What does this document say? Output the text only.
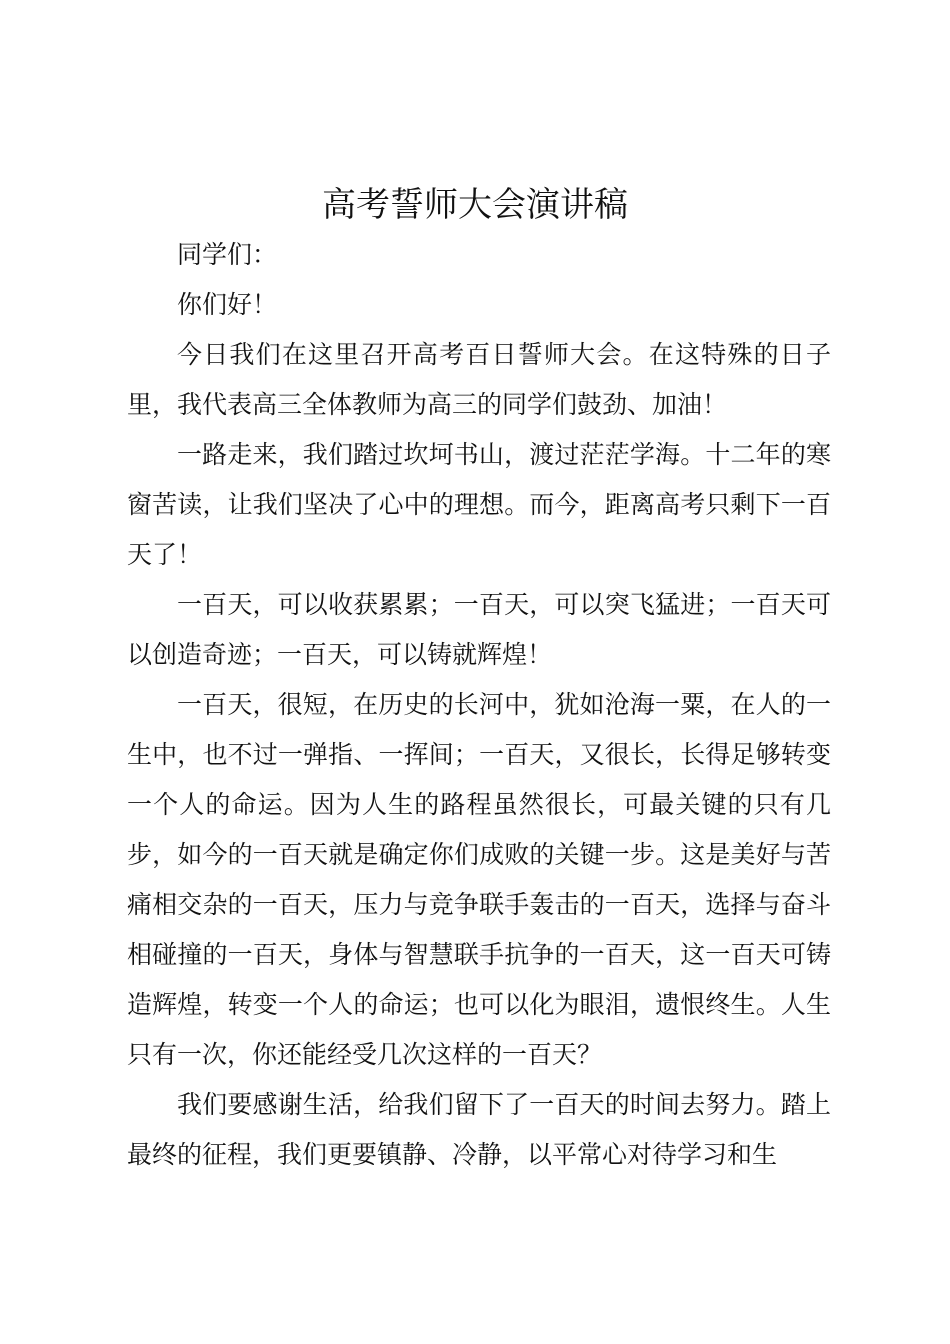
高考誓师大会演讲稿

同学们：

你们好！

今日我们在这里召开高考百日誓师大会。在这特殊的日子里，我代表高三全体教师为高三的同学们鼓劲、加油！

一路走来，我们踏过坎坷书山，渡过茫茫学海。十二年的寒窗苦读，让我们坚决了心中的理想。而今，距离高考只剩下一百天了！

一百天，可以收获累累；一百天，可以突飞猛进；一百天可以创造奇迹；一百天，可以铸就辉煌！

一百天，很短，在历史的长河中，犹如沧海一粟，在人的一生中，也不过一弹指、一挥间；一百天，又很长，长得足够转变一个人的命运。因为人生的路程虽然很长，可最关键的只有几步，如今的一百天就是确定你们成败的关键一步。这是美好与苦痛相交杂的一百天，压力与竞争联手轰击的一百天，选择与奋斗相碰撞的一百天，身体与智慧联手抗争的一百天，这一百天可铸造辉煌，转变一个人的命运；也可以化为眼泪，遗恨终生。人生只有一次，你还能经受几次这样的一百天？

我们要感谢生活，给我们留下了一百天的时间去努力。踏上最终的征程，我们更要镇静、冷静，以平常心对待学习和生
